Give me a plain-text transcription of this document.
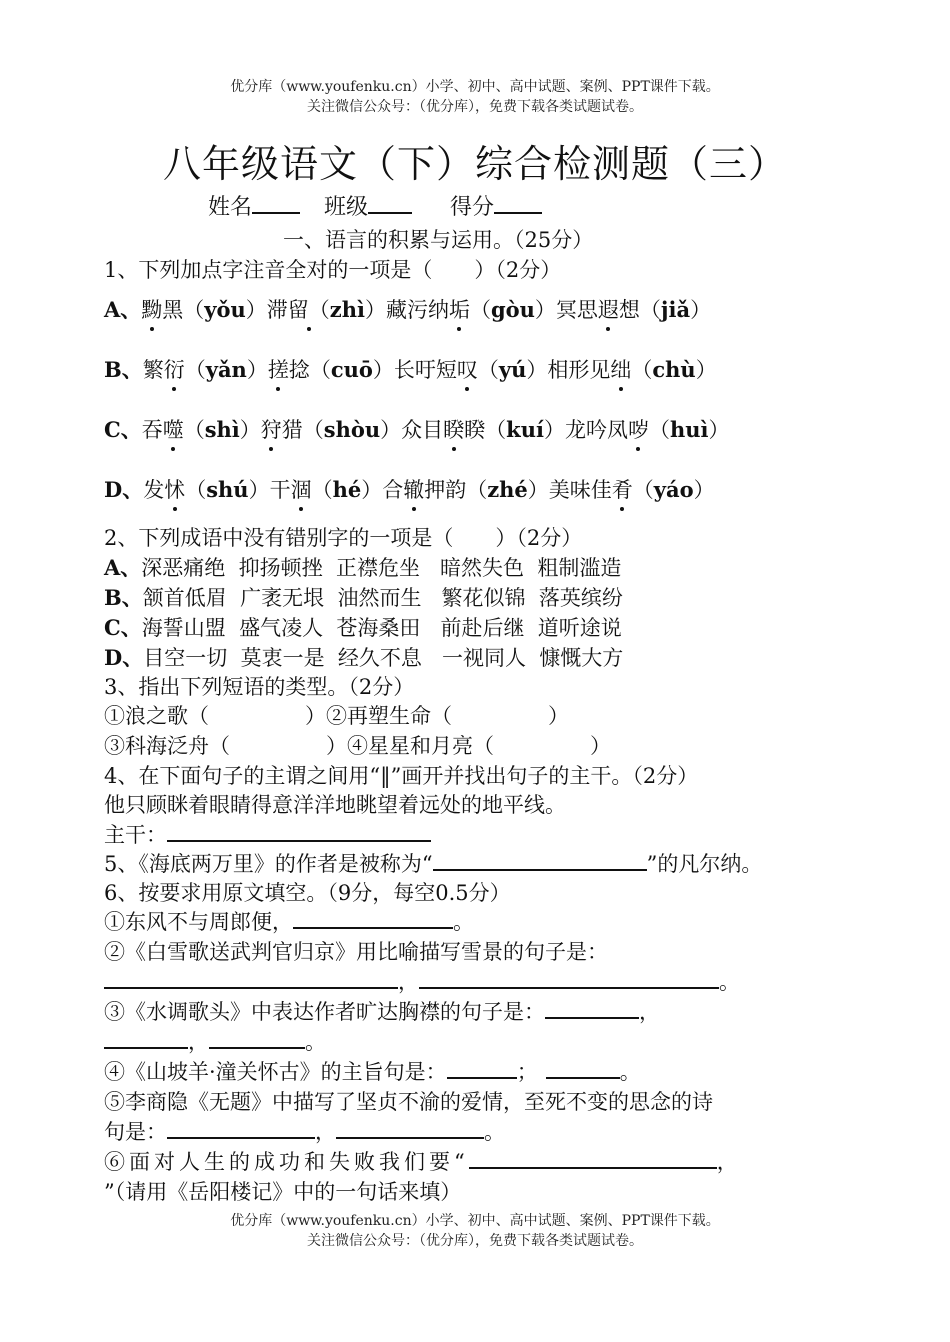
优分库（www.youfenku.cn）小学、初中、高中试题、案例、PPT课件下载。
关注微信公众号：（优分库），免费下载各类试题试卷。
八年级语文（下）综合检测题（三）
姓名	班级	得分
一、语言的积累与运用。（25分）
1、下列加点字注音全对的一项是（　　）（2分）
A、黝黑（yǒu）滞留（zhì）藏污纳垢（gòu）冥思遐想（jiǎ）
B、繁衍（yǎn）搓捻（cuō）长吁短叹（yú）相形见绌（chù）
C、吞噬（shì）狩猎（shòu）众目睽睽（kuí）龙吟凤哕（huì）
D、发怵（shú）干涸（hé）合辙押韵（zhé）美味佳肴（yáo）
2、下列成语中没有错别字的一项是（　　）（2分）
A、深恶痛绝  抑扬顿挫  正襟危坐   暗然失色  粗制滥造
B、颔首低眉  广袤无垠  油然而生   繁花似锦  落英缤纷
C、海誓山盟  盛气凌人  苍海桑田   前赴后继  道听途说
D、目空一切  莫衷一是  经久不息   一视同人  慷慨大方
3、指出下列短语的类型。（2分）
①浪之歌（	）②再塑生命（	）
③科海泛舟（	）④星星和月亮（	）
4、在下面句子的主谓之间用“‖”画开并找出句子的主干。（2分）
他只顾眯着眼睛得意洋洋地眺望着远处的地平线。
主干：
5、《海底两万里》的作者是被称为“	”的凡尔纳。
6、按要求用原文填空。（9分，每空0.5分）
①东风不与周郎便，	。
②《白雪歌送武判官归京》用比喻描写雪景的句子是：
，	。
③《水调歌头》中表达作者旷达胸襟的句子是：	，
，	。
④《山坡羊·潼关怀古》的主旨句是：	；	。
⑤李商隐《无题》中描写了坚贞不渝的爱情，至死不变的思念的诗
句是：	，	。
⑥面对人生的成功和失败我们要“	，
”（请用《岳阳楼记》中的一句话来填）
优分库（www.youfenku.cn）小学、初中、高中试题、案例、PPT课件下载。
关注微信公众号：（优分库），免费下载各类试题试卷。
